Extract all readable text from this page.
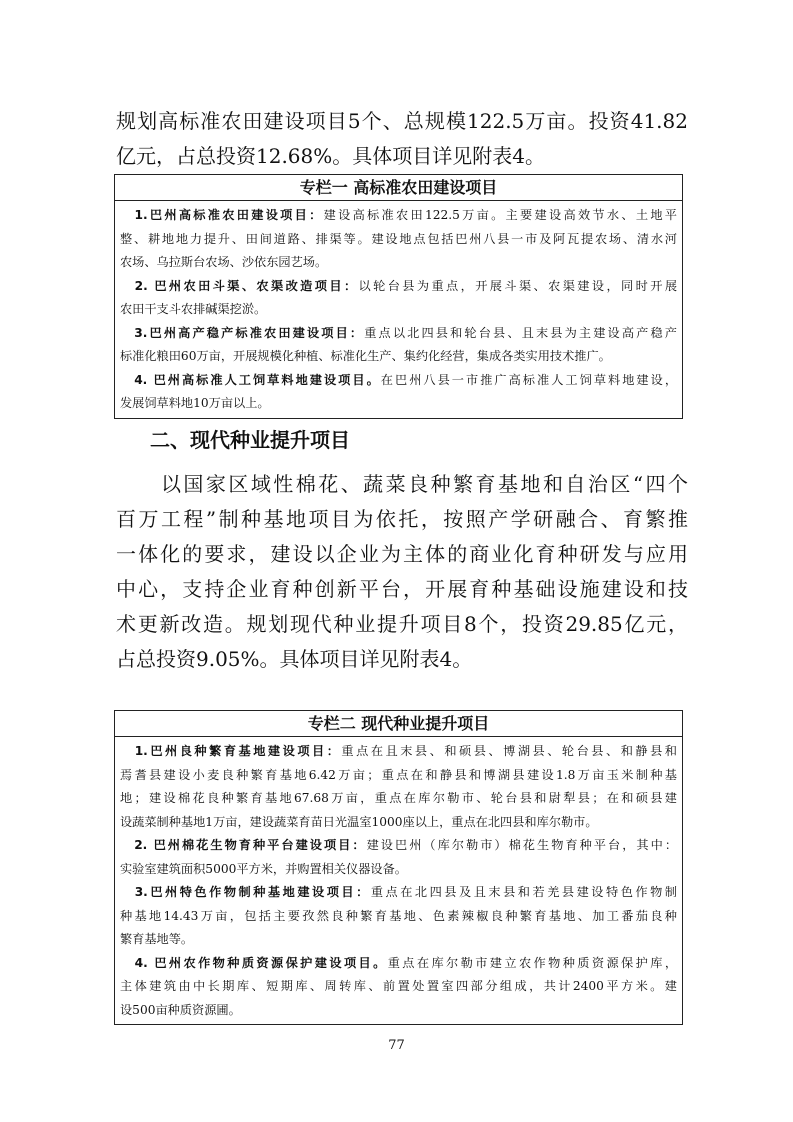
规划高标准农田建设项目5个、总规模122.5万亩。投资41.82
亿元，占总投资12.68%。具体项目详见附表4。
专栏一 高标准农田建设项目
　1.巴州高标准农田建设项目：建设高标准农田122.5万亩。主要建设高效节水、土地平
整、耕地地力提升、田间道路、排渠等。建设地点包括巴州八县一市及阿瓦提农场、清水河
农场、乌拉斯台农场、沙依东园艺场。
　2. 巴州农田斗渠、农渠改造项目：以轮台县为重点，开展斗渠、农渠建设，同时开展
农田干支斗农排碱渠挖淤。
　3.巴州高产稳产标准农田建设项目：重点以北四县和轮台县、且末县为主建设高产稳产
标准化粮田60万亩，开展规模化种植、标准化生产、集约化经营，集成各类实用技术推广。
　4. 巴州高标准人工饲草料地建设项目。在巴州八县一市推广高标准人工饲草料地建设，
发展饲草料地10万亩以上。
二、现代种业提升项目
　　以国家区域性棉花、蔬菜良种繁育基地和自治区“四个
百万工程”制种基地项目为依托，按照产学研融合、育繁推
一体化的要求，建设以企业为主体的商业化育种研发与应用
中心，支持企业育种创新平台，开展育种基础设施建设和技
术更新改造。规划现代种业提升项目8个，投资29.85亿元，
占总投资9.05%。具体项目详见附表4。
专栏二 现代种业提升项目
　1.巴州良种繁育基地建设项目：重点在且末县、和硕县、博湖县、轮台县、和静县和
焉耆县建设小麦良种繁育基地6.42万亩；重点在和静县和博湖县建设1.8万亩玉米制种基
地；建设棉花良种繁育基地67.68万亩，重点在库尔勒市、轮台县和尉犁县；在和硕县建
设蔬菜制种基地1万亩，建设蔬菜育苗日光温室1000座以上，重点在北四县和库尔勒市。
　2. 巴州棉花生物育种平台建设项目：建设巴州（库尔勒市）棉花生物育种平台，其中：
实验室建筑面积5000平方米，并购置相关仪器设备。
　3.巴州特色作物制种基地建设项目：重点在北四县及且末县和若羌县建设特色作物制
种基地14.43万亩，包括主要孜然良种繁育基地、色素辣椒良种繁育基地、加工番茄良种
繁育基地等。
　4. 巴州农作物种质资源保护建设项目。重点在库尔勒市建立农作物种质资源保护库，
主体建筑由中长期库、短期库、周转库、前置处置室四部分组成，共计2400平方米。建
设500亩种质资源圃。
77
